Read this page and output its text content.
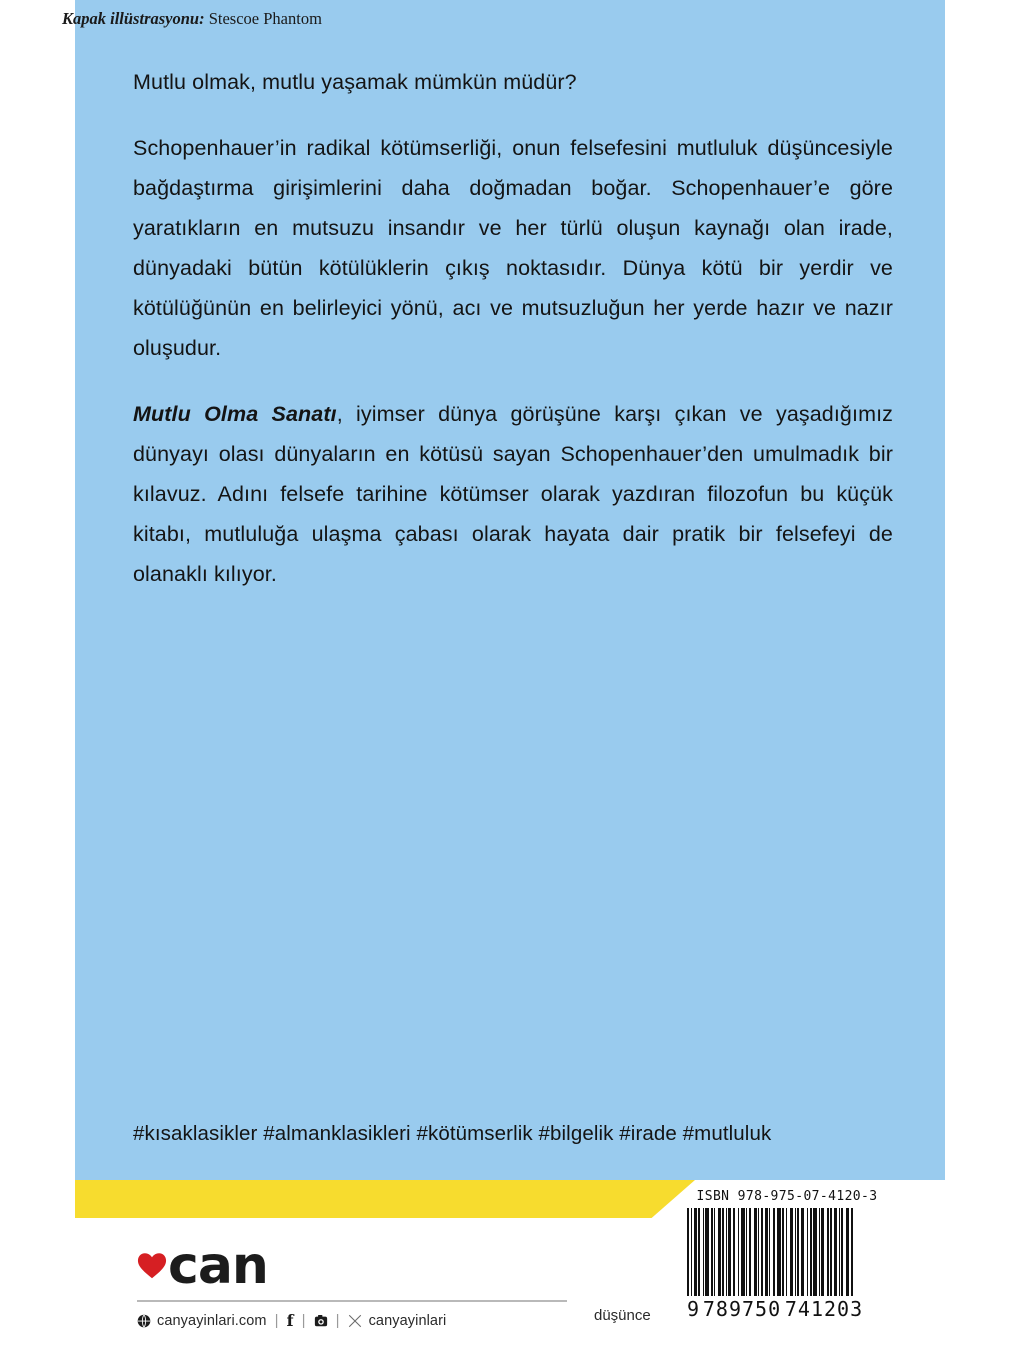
Mutlu olmak, mutlu yaşamak mümkün müdür?

Schopenhauer’in radikal kötümserliği, onun felsefesini mutluluk düşüncesiyle bağdaştırma girişimlerini daha doğmadan boğar. Schopenhauer’e göre yaratıkların en mutsuzu insandır ve her türlü oluşun kaynağı olan irade, dünyadaki bütün kötülüklerin çıkış noktasıdır. Dünya kötü bir yerdir ve kötülüğünün en belirleyici yönü, acı ve mutsuzluğun her yerde hazır ve nazır oluşudur.

Mutlu Olma Sanatı, iyimser dünya görüşüne karşı çıkan ve yaşadığımız dünyayı olası dünyaların en kötüsü sayan Schopenhauer’den umulmadık bir kılavuz. Adını felsefe tarihine kötümser olarak yazdıran filozofun bu küçük kitabı, mutluluğa ulaşma çabası olarak hayata dair pratik bir felsefeyi de olanaklı kılıyor.

#kısaklasikler #almanklasikleri #kötümserlik #bilgelik #irade #mutluluk
Kapak illüstrasyonu: Stescoe Phantom
can
canyayinlari.com | f | | canyayinlari	düşünce
ISBN 978-975-07-4120-3
9 789750 741203
